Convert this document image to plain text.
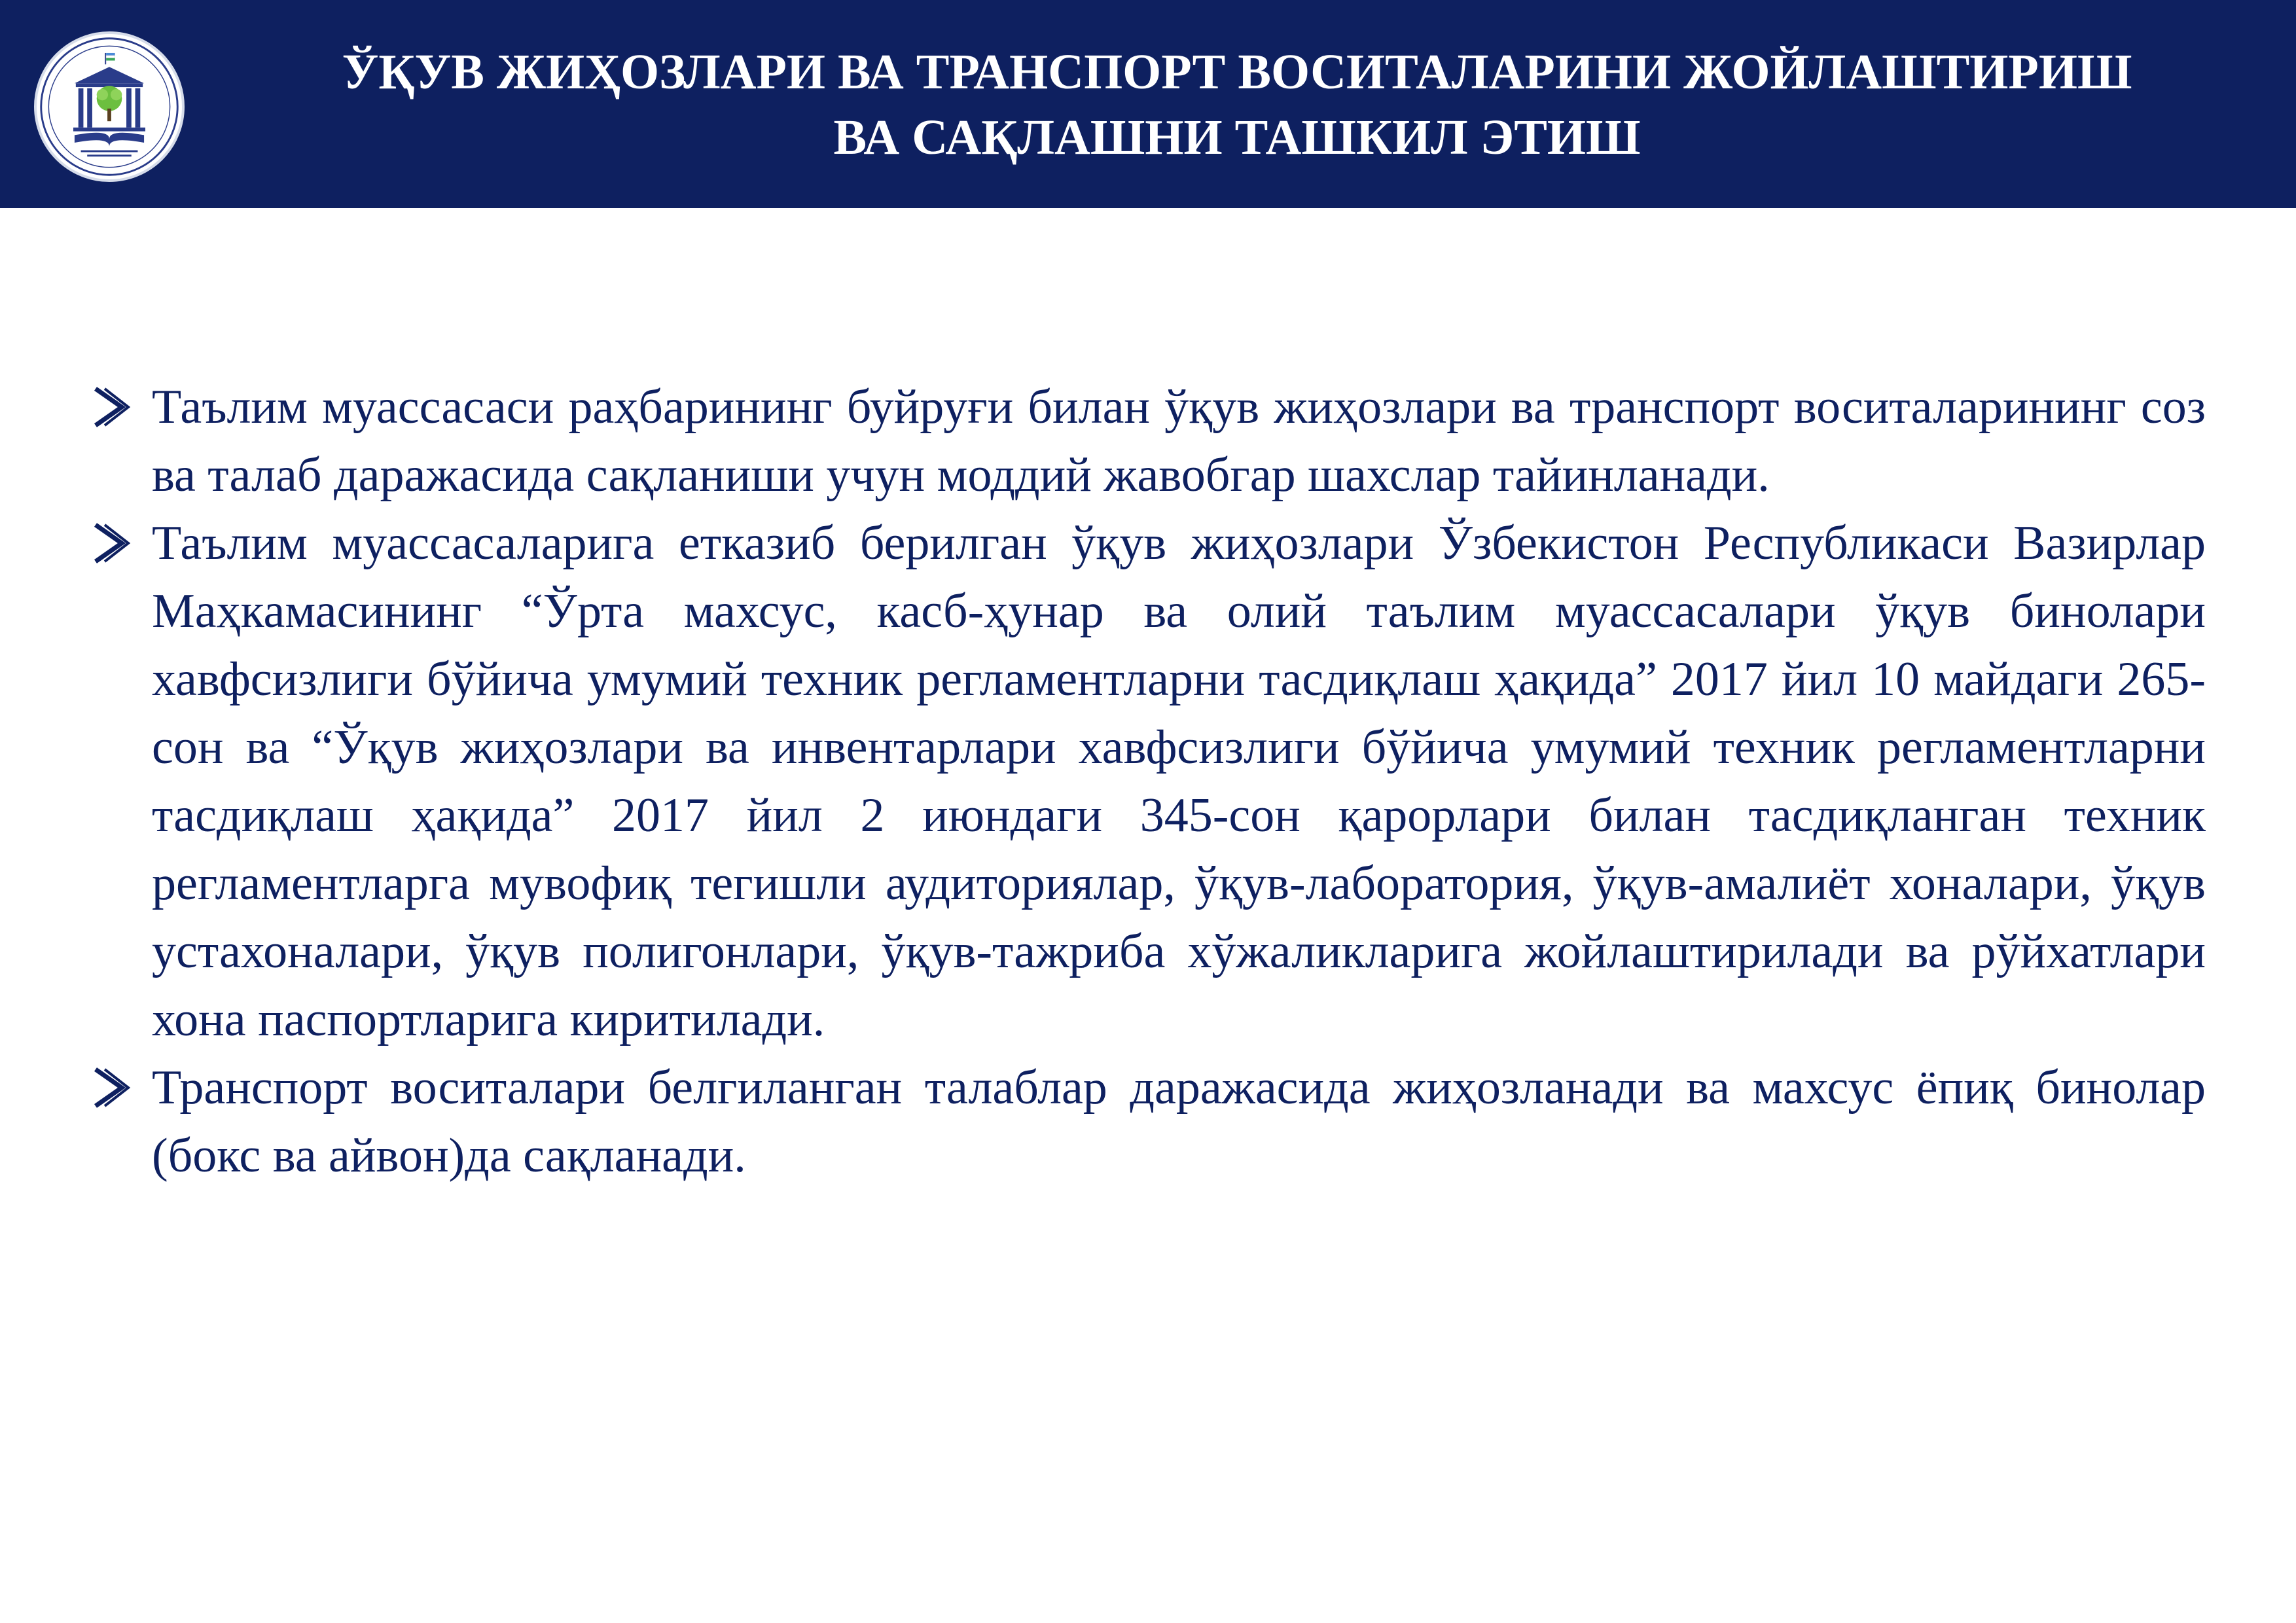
ЎҚУВ ЖИҲОЗЛАРИ ВА ТРАНСПОРТ ВОСИТАЛАРИНИ ЖОЙЛАШТИРИШ
ВА САҚЛАШНИ ТАШКИЛ ЭТИШ
Таълим муассасаси раҳбарининг буйруғи билан ўқув жиҳозлари ва транспорт воситаларининг соз ва талаб даражасида сақланиши учун моддий жавобгар шахслар тайинланади.
Таълим муассасаларига етказиб берилган ўқув жиҳозлари Ўзбекистон Республикаси Вазирлар Маҳкамасининг “Ўрта махсус, касб-ҳунар ва олий таълим муассасалари ўқув бинолари хавфсизлиги бўйича умумий техник регламентларни тасдиқлаш ҳақида” 2017 йил 10 майдаги 265-сон ва “Ўқув жиҳозлари ва инвентарлари хавфсизлиги бўйича умумий техник регламентларни тасдиқлаш ҳақида” 2017 йил 2 июндаги 345-сон қарорлари билан тасдиқланган техник регламентларга мувофиқ тегишли аудиториялар, ўқув-лаборатория, ўқув-амалиёт хоналари, ўқув устахоналари, ўқув полигонлари, ўқув-тажриба хўжаликларига жойлаштирилади ва рўйхатлари хона паспортларига киритилади.
Транспорт воситалари белгиланган талаблар даражасида жиҳозланади ва махсус ёпиқ бинолар (бокс ва айвон)да сақланади.
